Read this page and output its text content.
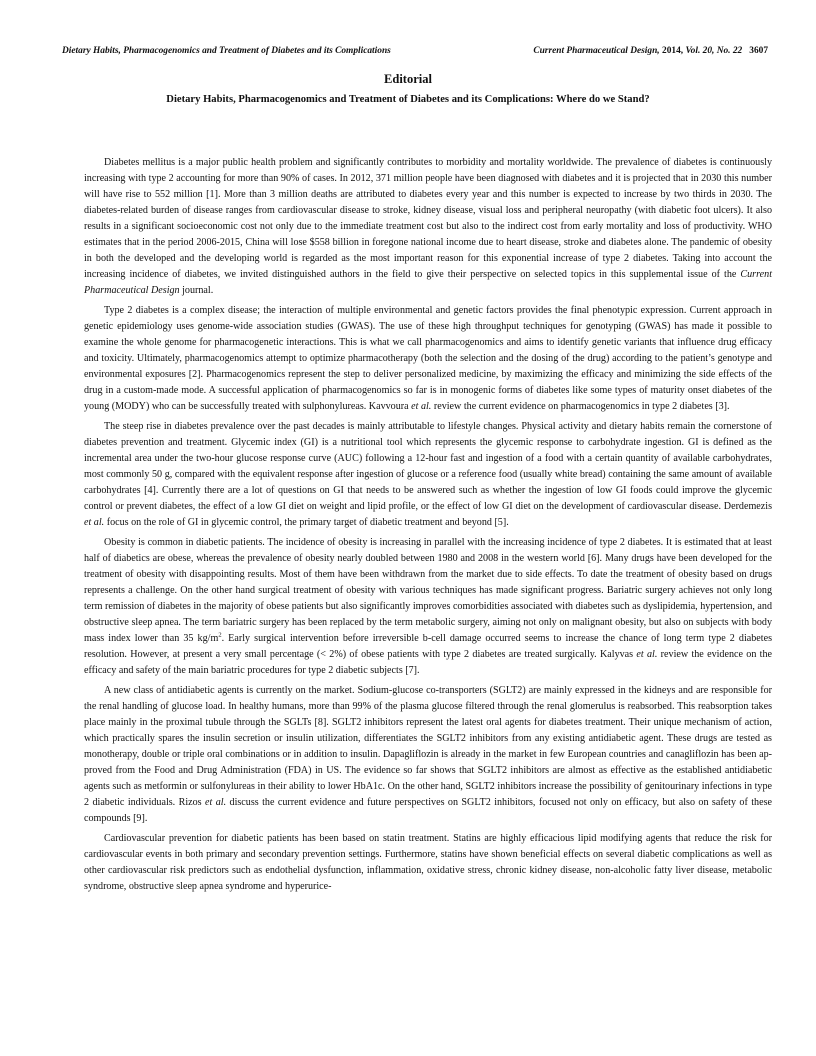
Dietary Habits, Pharmacogenomics and Treatment of Diabetes and its Complications	Current Pharmaceutical Design, 2014, Vol. 20, No. 22 3607
Editorial
Dietary Habits, Pharmacogenomics and Treatment of Diabetes and its Complications: Where do we Stand?

Diabetes mellitus is a major public health problem and significantly contributes to morbidity and mortality worldwide. The prevalence of diabetes is continuously increasing with type 2 accounting for more than 90% of cases. In 2012, 371 million people have been diagnosed with diabetes and it is projected that in 2030 this number will have rise to 552 million [1]. More than 3 million deaths are attributed to diabetes every year and this number is expected to increase by two thirds in 2030. The diabetes-related burden of disease ranges from cardiovascular disease to stroke, kidney disease, visual loss and peripheral neuropathy (with diabetic foot ulcers). It also results in a significant socioeconomic cost not only due to the immediate treatment cost but also to the indirect cost from early mortality and loss of productivity. WHO estimates that in the period 2006-2015, China will lose $558 billion in foregone national income due to heart disease, stroke and diabetes alone. The pandemic of obesity in both the developed and the developing world is regarded as the most important reason for this exponential increase of type 2 diabetes. Taking into account the increasing incidence of diabetes, we invited distinguished authors in the field to give their perspective on selected topics in this supplemental issue of the Current Pharmaceutical Design journal.

Type 2 diabetes is a complex disease; the interaction of multiple environmental and genetic factors provides the final phenotypic expression. Current approach in genetic epidemiology uses genome-wide association studies (GWAS). The use of these high throughput techniques for genotyping (GWAS) has made it possible to examine the whole genome for pharmacogenetic interactions. This is what we call pharmacogenomics and aims to identify genetic variants that influence drug efficacy and toxicity. Ultimately, pharmacogenomics attempt to optimize pharmacotherapy (both the selection and the dosing of the drug) according to the patient’s genotype and environmental exposures [2]. Pharmacogenomics represent the step to deliver personalized medicine, by maximizing the efficacy and minimizing the side effects of the drug in a custom-made mode. A successful application of pharmacogenomics so far is in monogenic forms of diabetes like some types of maturity onset diabetes of the young (MODY) who can be successfully treated with sulphonylureas. Kavvoura et al. review the current evidence on pharmacogenomics in type 2 diabetes [3].

The steep rise in diabetes prevalence over the past decades is mainly attributable to lifestyle changes. Physical activity and dietary habits remain the cornerstone of diabetes prevention and treatment. Glycemic index (GI) is a nutritional tool which represents the glycemic response to carbohydrate ingestion. GI is defined as the incremental area under the two-hour glucose response curve (AUC) following a 12-hour fast and ingestion of a food with a certain quantity of available carbohydrates, most commonly 50 g, compared with the equivalent response after ingestion of glucose or a reference food (usually white bread) containing the same amount of available carbohydrates [4]. Currently there are a lot of questions on GI that needs to be answered such as whether the ingestion of low GI foods could improve the glycemic control or prevent diabetes, the effect of a low GI diet on weight and lipid profile, or the effect of low GI diet on the development of cardiovascular disease. Derdemezis et al. focus on the role of GI in glycemic control, the primary target of diabetic treatment and beyond [5].

Obesity is common in diabetic patients. The incidence of obesity is increasing in parallel with the increasing incidence of type 2 diabetes. It is estimated that at least half of diabetics are obese, whereas the prevalence of obesity nearly doubled between 1980 and 2008 in the western world [6]. Many drugs have been developed for the treatment of obesity with disappointing results. Most of them have been withdrawn from the market due to side effects. To date the treatment of obesity based on drugs represents a challenge. On the other hand surgical treatment of obesity with various techniques has made significant progress. Bariatric surgery achieves not only long term remission of diabetes in the majority of obese patients but also significantly improves comorbidities associated with diabetes such as dyslipidemia, hypertension, and obstructive sleep apnea. The term bariatric surgery has been replaced by the term metabolic surgery, aiming not only on malignant obesity, but also on subjects with body mass index lower than 35 $kg/m^2$. Early surgical intervention before irreversible b-cell damage occurred seems to increase the chance of long term type 2 diabetes resolution. However, at present a very small percentage (< 2%) of obese patients with type 2 diabetes are treated surgically. Kalyvas et al. review the evidence on the efficacy and safety of the main bariatric procedures for type 2 diabetic subjects [7].

A new class of antidiabetic agents is currently on the market. Sodium-glucose co-transporters (SGLT2) are mainly expressed in the kidneys and are responsible for the renal handling of glucose load. In healthy humans, more than 99% of the plasma glucose filtered through the renal glomerulus is reabsorbed. This reabsorption takes place mainly in the proximal tubule through the SGLTs [8]. SGLT2 inhibitors represent the latest oral agents for diabetes treatment. Their unique mechanism of action, which practically spares the insulin secretion or insulin utilization, differentiates the SGLT2 inhibitors from any existing antidiabetic agent. These drugs are tested as monotherapy, double or triple oral combinations or in addition to insulin. Dapagliflozin is already in the market in few European countries and canagliflozin has been approved from the Food and Drug Administration (FDA) in US. The evidence so far shows that SGLT2 inhibitors are almost as effective as the established antidiabetic agents such as metformin or sulfonylureas in their ability to lower HbA1c. On the other hand, SGLT2 inhibitors increase the possibility of genitourinary infections in type 2 diabetic individuals. Rizos et al. discuss the current evidence and future perspectives on SGLT2 inhibitors, focused not only on efficacy, but also on safety of these compounds [9].

Cardiovascular prevention for diabetic patients has been based on statin treatment. Statins are highly efficacious lipid modifying agents that reduce the risk for cardiovascular events in both primary and secondary prevention settings. Furthermore, statins have shown beneficial effects on several diabetic complications as well as other cardiovascular risk predictors such as endothelial dysfunction, inflammation, oxidative stress, chronic kidney disease, non-alcoholic fatty liver disease, metabolic syndrome, obstructive sleep apnea syndrome and hyperurice-
